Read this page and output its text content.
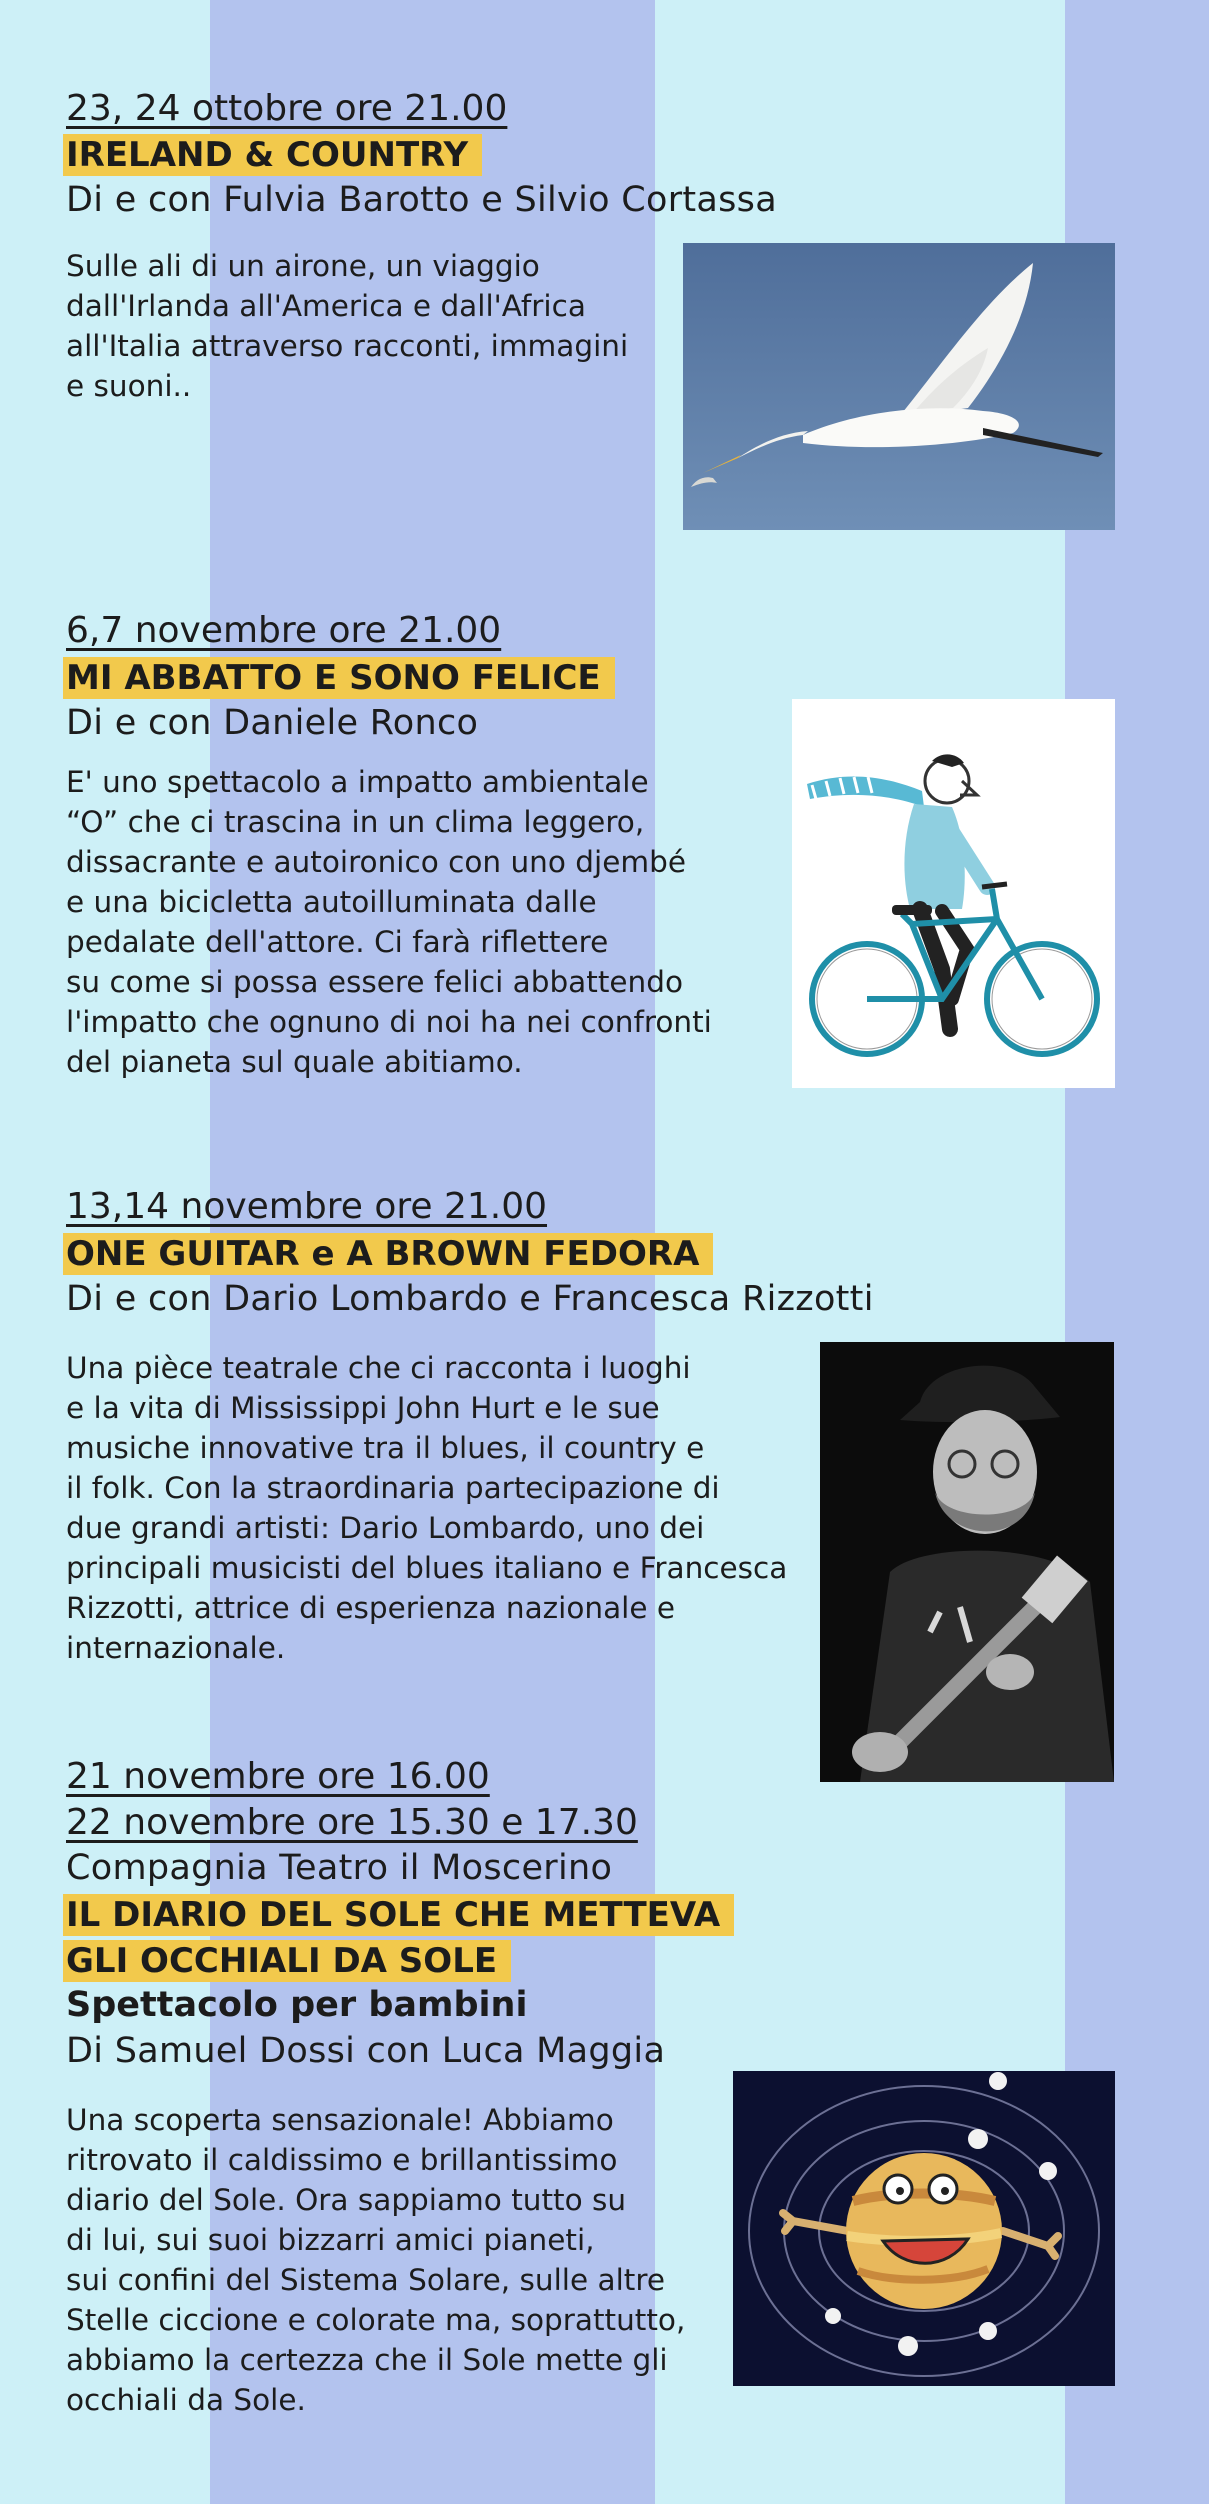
23, 24 ottobre ore 21.00
IRELAND & COUNTRY
Di e con Fulvia Barotto e Silvio Cortassa
Sulle ali di un airone, un viaggio
dall'Irlanda all'America e dall'Africa
all'Italia attraverso racconti, immagini
e suoni..
6,7 novembre ore 21.00
MI ABBATTO E SONO FELICE
Di e con Daniele Ronco
E' uno spettacolo a impatto ambientale
“O” che ci trascina in un clima leggero,
dissacrante e autoironico con uno djembé
e una bicicletta autoilluminata dalle
pedalate dell'attore. Ci farà riflettere
su come si possa essere felici abbattendo
l'impatto che ognuno di noi ha nei confronti
del pianeta sul quale abitiamo.
13,14 novembre ore 21.00
ONE GUITAR e A BROWN FEDORA
Di e con Dario Lombardo e Francesca Rizzotti
Una pièce teatrale che ci racconta i luoghi
e la vita di Mississippi John Hurt e le sue
musiche innovative tra il blues, il country e
il folk. Con la straordinaria partecipazione di
due grandi artisti: Dario Lombardo, uno dei
principali musicisti del blues italiano e Francesca
Rizzotti, attrice di esperienza nazionale e
internazionale.
21 novembre ore 16.00
22 novembre ore 15.30 e 17.30
Compagnia Teatro il Moscerino
IL DIARIO DEL SOLE CHE METTEVA
GLI OCCHIALI DA SOLE
Spettacolo per bambini
Di Samuel Dossi con Luca Maggia
Una scoperta sensazionale! Abbiamo
ritrovato il caldissimo e brillantissimo
diario del Sole. Ora sappiamo tutto su
di lui, sui suoi bizzarri amici pianeti,
sui confini del Sistema Solare, sulle altre
Stelle ciccione e colorate ma, soprattutto,
abbiamo la certezza che il Sole mette gli
occhiali da Sole.
